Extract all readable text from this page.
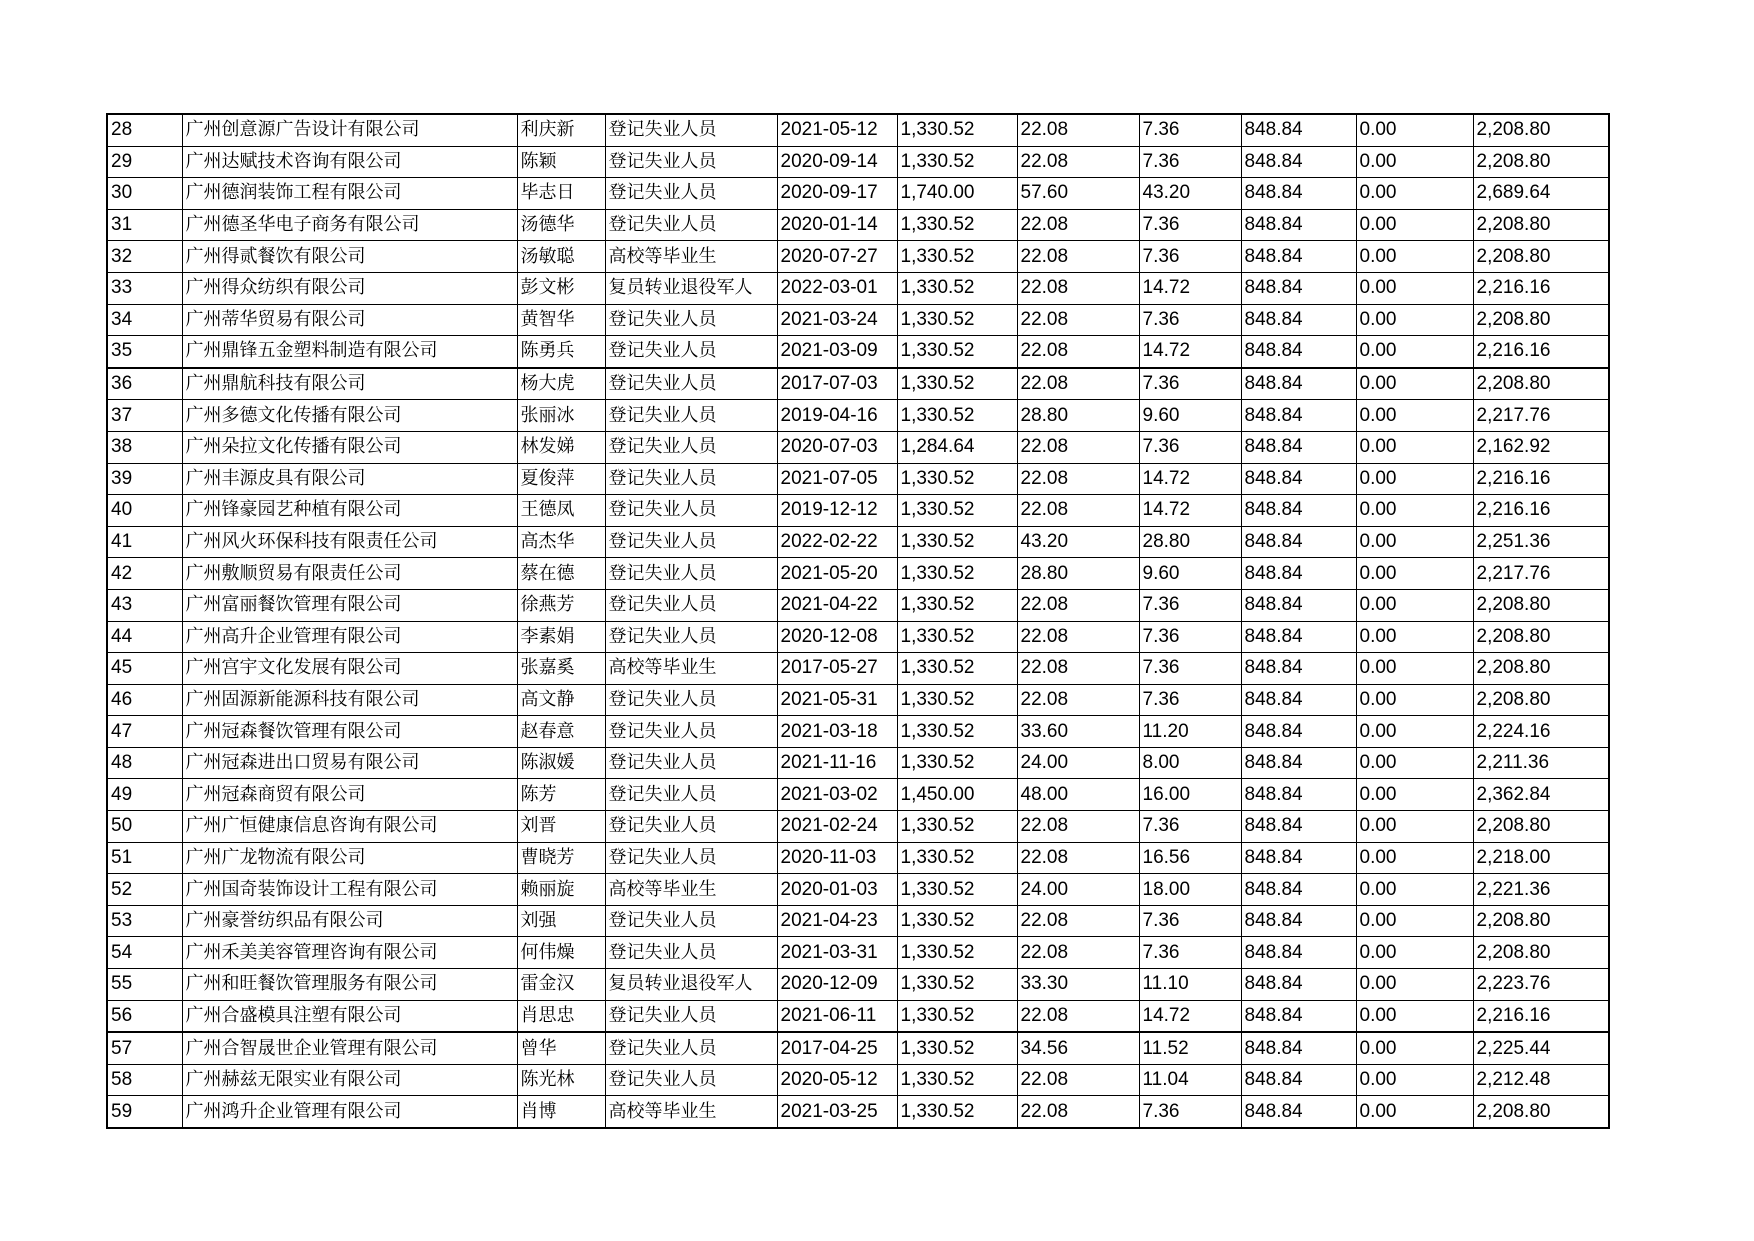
28	广州创意源广告设计有限公司	利庆新	登记失业人员	2021-05-12	1,330.52	22.08	7.36	848.84	0.00	2,208.80
29	广州达赋技术咨询有限公司	陈颖	登记失业人员	2020-09-14	1,330.52	22.08	7.36	848.84	0.00	2,208.80
30	广州德润装饰工程有限公司	毕志日	登记失业人员	2020-09-17	1,740.00	57.60	43.20	848.84	0.00	2,689.64
31	广州德圣华电子商务有限公司	汤德华	登记失业人员	2020-01-14	1,330.52	22.08	7.36	848.84	0.00	2,208.80
32	广州得贰餐饮有限公司	汤敏聪	高校等毕业生	2020-07-27	1,330.52	22.08	7.36	848.84	0.00	2,208.80
33	广州得众纺织有限公司	彭文彬	复员转业退役军人	2022-03-01	1,330.52	22.08	14.72	848.84	0.00	2,216.16
34	广州蒂华贸易有限公司	黄智华	登记失业人员	2021-03-24	1,330.52	22.08	7.36	848.84	0.00	2,208.80
35	广州鼎锋五金塑料制造有限公司	陈勇兵	登记失业人员	2021-03-09	1,330.52	22.08	14.72	848.84	0.00	2,216.16
36	广州鼎航科技有限公司	杨大虎	登记失业人员	2017-07-03	1,330.52	22.08	7.36	848.84	0.00	2,208.80
37	广州多德文化传播有限公司	张丽冰	登记失业人员	2019-04-16	1,330.52	28.80	9.60	848.84	0.00	2,217.76
38	广州朵拉文化传播有限公司	林发娣	登记失业人员	2020-07-03	1,284.64	22.08	7.36	848.84	0.00	2,162.92
39	广州丰源皮具有限公司	夏俊萍	登记失业人员	2021-07-05	1,330.52	22.08	14.72	848.84	0.00	2,216.16
40	广州锋豪园艺种植有限公司	王德凤	登记失业人员	2019-12-12	1,330.52	22.08	14.72	848.84	0.00	2,216.16
41	广州风火环保科技有限责任公司	高杰华	登记失业人员	2022-02-22	1,330.52	43.20	28.80	848.84	0.00	2,251.36
42	广州敷顺贸易有限责任公司	蔡在德	登记失业人员	2021-05-20	1,330.52	28.80	9.60	848.84	0.00	2,217.76
43	广州富丽餐饮管理有限公司	徐燕芳	登记失业人员	2021-04-22	1,330.52	22.08	7.36	848.84	0.00	2,208.80
44	广州高升企业管理有限公司	李素娟	登记失业人员	2020-12-08	1,330.52	22.08	7.36	848.84	0.00	2,208.80
45	广州宫宇文化发展有限公司	张嘉奚	高校等毕业生	2017-05-27	1,330.52	22.08	7.36	848.84	0.00	2,208.80
46	广州固源新能源科技有限公司	高文静	登记失业人员	2021-05-31	1,330.52	22.08	7.36	848.84	0.00	2,208.80
47	广州冠森餐饮管理有限公司	赵春意	登记失业人员	2021-03-18	1,330.52	33.60	11.20	848.84	0.00	2,224.16
48	广州冠森进出口贸易有限公司	陈淑媛	登记失业人员	2021-11-16	1,330.52	24.00	8.00	848.84	0.00	2,211.36
49	广州冠森商贸有限公司	陈芳	登记失业人员	2021-03-02	1,450.00	48.00	16.00	848.84	0.00	2,362.84
50	广州广恒健康信息咨询有限公司	刘晋	登记失业人员	2021-02-24	1,330.52	22.08	7.36	848.84	0.00	2,208.80
51	广州广龙物流有限公司	曹晓芳	登记失业人员	2020-11-03	1,330.52	22.08	16.56	848.84	0.00	2,218.00
52	广州国奇装饰设计工程有限公司	赖丽旋	高校等毕业生	2020-01-03	1,330.52	24.00	18.00	848.84	0.00	2,221.36
53	广州豪誉纺织品有限公司	刘强	登记失业人员	2021-04-23	1,330.52	22.08	7.36	848.84	0.00	2,208.80
54	广州禾美美容管理咨询有限公司	何伟燥	登记失业人员	2021-03-31	1,330.52	22.08	7.36	848.84	0.00	2,208.80
55	广州和旺餐饮管理服务有限公司	雷金汉	复员转业退役军人	2020-12-09	1,330.52	33.30	11.10	848.84	0.00	2,223.76
56	广州合盛模具注塑有限公司	肖思忠	登记失业人员	2021-06-11	1,330.52	22.08	14.72	848.84	0.00	2,216.16
57	广州合智晟世企业管理有限公司	曾华	登记失业人员	2017-04-25	1,330.52	34.56	11.52	848.84	0.00	2,225.44
58	广州赫兹无限实业有限公司	陈光林	登记失业人员	2020-05-12	1,330.52	22.08	11.04	848.84	0.00	2,212.48
59	广州鸿升企业管理有限公司	肖博	高校等毕业生	2021-03-25	1,330.52	22.08	7.36	848.84	0.00	2,208.80
